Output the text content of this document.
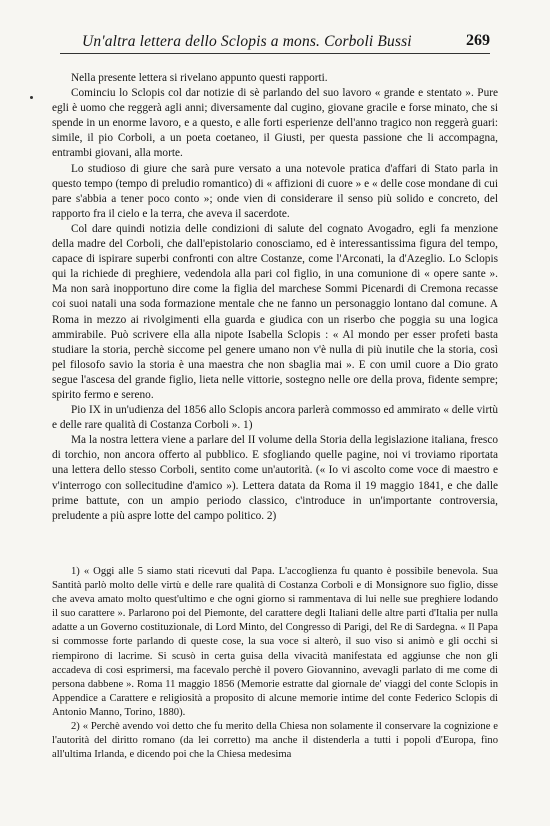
Un'altra lettera dello Sclopis a mons. Corboli Bussi	269

Nella presente lettera si rivelano appunto questi rapporti.

Cominciu lo Sclopis col dar notizie di sè parlando del suo lavoro « grande e stentato ». Pure egli è uomo che reggerà agli anni; diversamente dal cugino, giovane gracile e forse minato, che si spende in un enorme lavoro, e a questo, e alle forti esperienze dell'anno tragico non reggerà guari: simile, il pio Corboli, a un poeta coetaneo, il Giusti, per questa passione che li accompagna, entrambi giovani, alla morte.

Lo studioso di giure che sarà pure versato a una notevole pratica d'affari di Stato parla in questo tempo (tempo di preludio romantico) di « affizioni di cuore » e « delle cose mondane di cui pare s'abbia a tener poco conto »; onde vien di considerare il senso più solido e concreto, del rapporto fra il cielo e la terra, che aveva il sacerdote.

Col dare quindi notizia delle condizioni di salute del cognato Avogadro, egli fa menzione della madre del Corboli, che dall'epistolario conosciamo, ed è interessantissima figura del tempo, capace di ispirare superbi confronti con altre Costanze, come l'Arconati, la d'Azeglio. Lo Sclopis qui la richiede di preghiere, vedendola alla pari col figlio, in una comunione di « opere sante ». Ma non sarà inopportuno dire come la figlia del marchese Sommi Picenardi di Cremona recasse coi suoi natali una soda formazione mentale che ne fanno un personaggio lontano dal comune. A Roma in mezzo ai rivolgimenti ella guarda e giudica con un riserbo che poggia su una logica ammirabile. Può scrivere ella alla nipote Isabella Sclopis : « Al mondo per esser profeti basta studiare la storia, perchè siccome pel genere umano non v'è nulla di più inutile che la storia, così pel filosofo savio la storia è una maestra che non sbaglia mai ». E con umil cuore a Dio grato segue l'ascesa del grande figlio, lieta nelle vittorie, sostegno nelle ore della prova, fidente sempre; spirito fermo e sereno.

Pio IX in un'udienza del 1856 allo Sclopis ancora parlerà commosso ed ammirato « delle virtù e delle rare qualità di Costanza Corboli ». 1)

Ma la nostra lettera viene a parlare del II volume della Storia della legislazione italiana, fresco di torchio, non ancora offerto al pubblico. E sfogliando quelle pagine, noi vi troviamo riportata una lettera dello stesso Corboli, sentito come un'autorità. (« Io vi ascolto come voce di maestro e v'interrogo con sollecitudine d'amico »). Lettera datata da Roma il 19 maggio 1841, e che dalle prime battute, con un ampio periodo classico, c'introduce in un'importante controversia, preludente a più aspre lotte del campo politico. 2)

1) « Oggi alle 5 siamo stati ricevuti dal Papa. L'accoglienza fu quanto è possibile benevola. Sua Santità parlò molto delle virtù e delle rare qualità di Costanza Corboli e di Monsignore suo figlio, disse che aveva amato molto quest'ultimo e che ogni giorno si rammentava di lui nelle sue preghiere lodando il suo carattere ». Parlarono poi del Piemonte, del carattere degli Italiani delle altre parti d'Italia per nulla adatte a un Governo costituzionale, di Lord Minto, del Congresso di Parigi, del Re di Sardegna. « Il Papa si commosse forte parlando di queste cose, la sua voce si alterò, il suo viso si animò e gli occhi si riempirono di lacrime. Si scusò in certa guisa della vivacità manifestata ed aggiunse che non gli accadeva di così esprimersi, ma facevalo perchè il povero Giovannino, avevagli parlato di me come di persona dabbene ». Roma 11 maggio 1856 (Memorie estratte dal giornale de' viaggi del conte Sclopis in Appendice a Carattere e religiosità a proposito di alcune memorie intime del conte Federico Sclopis di Antonio Manno, Torino, 1880).

2) « Perchè avendo voi detto che fu merito della Chiesa non solamente il conservare la cognizione e l'autorità del diritto romano (da lei corretto) ma anche il distenderla a tutti i popoli d'Europa, fino all'ultima Irlanda, e dicendo poi che la Chiesa medesima
